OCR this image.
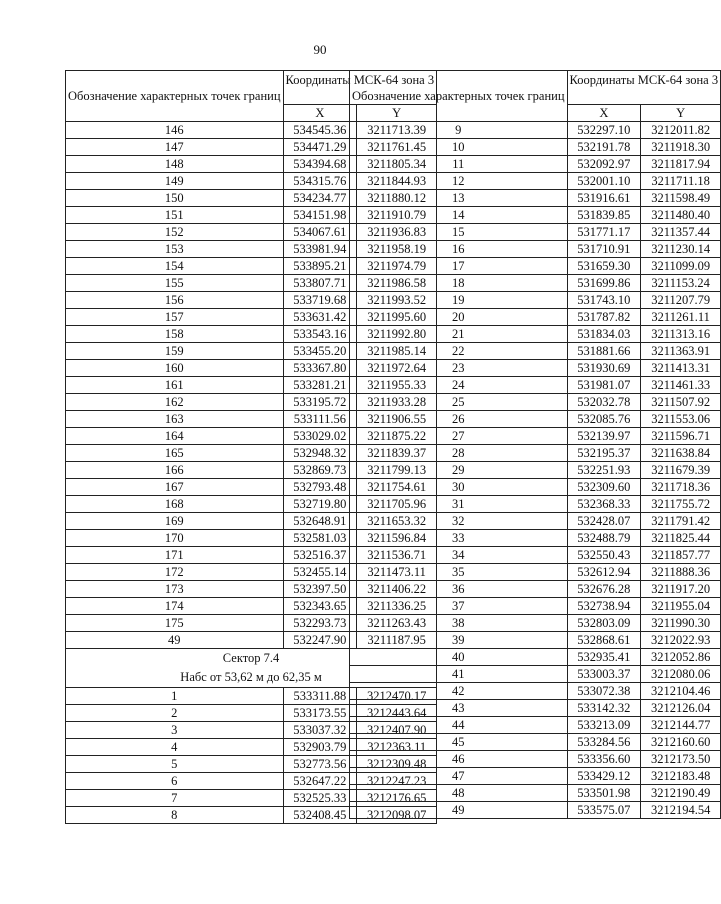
90
Обозначение характерных точек границ	Координаты МСК-64 зона 3	
	X	Y
146	534545.36	3211713.39
147	534471.29	3211761.45
148	534394.68	3211805.34
149	534315.76	3211844.93
150	534234.77	3211880.12
151	534151.98	3211910.79
152	534067.61	3211936.83
153	533981.94	3211958.19
154	533895.21	3211974.79
155	533807.71	3211986.58
156	533719.68	3211993.52
157	533631.42	3211995.60
158	533543.16	3211992.80
159	533455.20	3211985.14
160	533367.80	3211972.64
161	533281.21	3211955.33
162	533195.72	3211933.28
163	533111.56	3211906.55
164	533029.02	3211875.22
165	532948.32	3211839.37
166	532869.73	3211799.13
167	532793.48	3211754.61
168	532719.80	3211705.96
169	532648.91	3211653.32
170	532581.03	3211596.84
171	532516.37	3211536.71
172	532455.14	3211473.11
173	532397.50	3211406.22
174	532343.65	3211336.25
175	532293.73	3211263.43
49	532247.90	3211187.95
Сектор 7.4
Набс от 53,62 м до 62,35 м		
1	533311.88	3212470.17
2	533173.55	3212443.64
3	533037.32	3212407.90
4	532903.79	3212363.11
5	532773.56	3212309.48
6	532647.22	3212247.23
7	532525.33	3212176.65
8	532408.45	3212098.07
Обозначение характерных точек границ	Координаты МСК-64 зона 3	
	X	Y
9	532297.10	3212011.82
10	532191.78	3211918.30
11	532092.97	3211817.94
12	532001.10	3211711.18
13	531916.61	3211598.49
14	531839.85	3211480.40
15	531771.17	3211357.44
16	531710.91	3211230.14
17	531659.30	3211099.09
18	531699.86	3211153.24
19	531743.10	3211207.79
20	531787.82	3211261.11
21	531834.03	3211313.16
22	531881.66	3211363.91
23	531930.69	3211413.31
24	531981.07	3211461.33
25	532032.78	3211507.92
26	532085.76	3211553.06
27	532139.97	3211596.71
28	532195.37	3211638.84
29	532251.93	3211679.39
30	532309.60	3211718.36
31	532368.33	3211755.72
32	532428.07	3211791.42
33	532488.79	3211825.44
34	532550.43	3211857.77
35	532612.94	3211888.36
36	532676.28	3211917.20
37	532738.94	3211955.04
38	532803.09	3211990.30
39	532868.61	3212022.93
40	532935.41	3212052.86
41	533003.37	3212080.06
42	533072.38	3212104.46
43	533142.32	3212126.04
44	533213.09	3212144.77
45	533284.56	3212160.60
46	533356.60	3212173.50
47	533429.12	3212183.48
48	533501.98	3212190.49
49	533575.07	3212194.54
